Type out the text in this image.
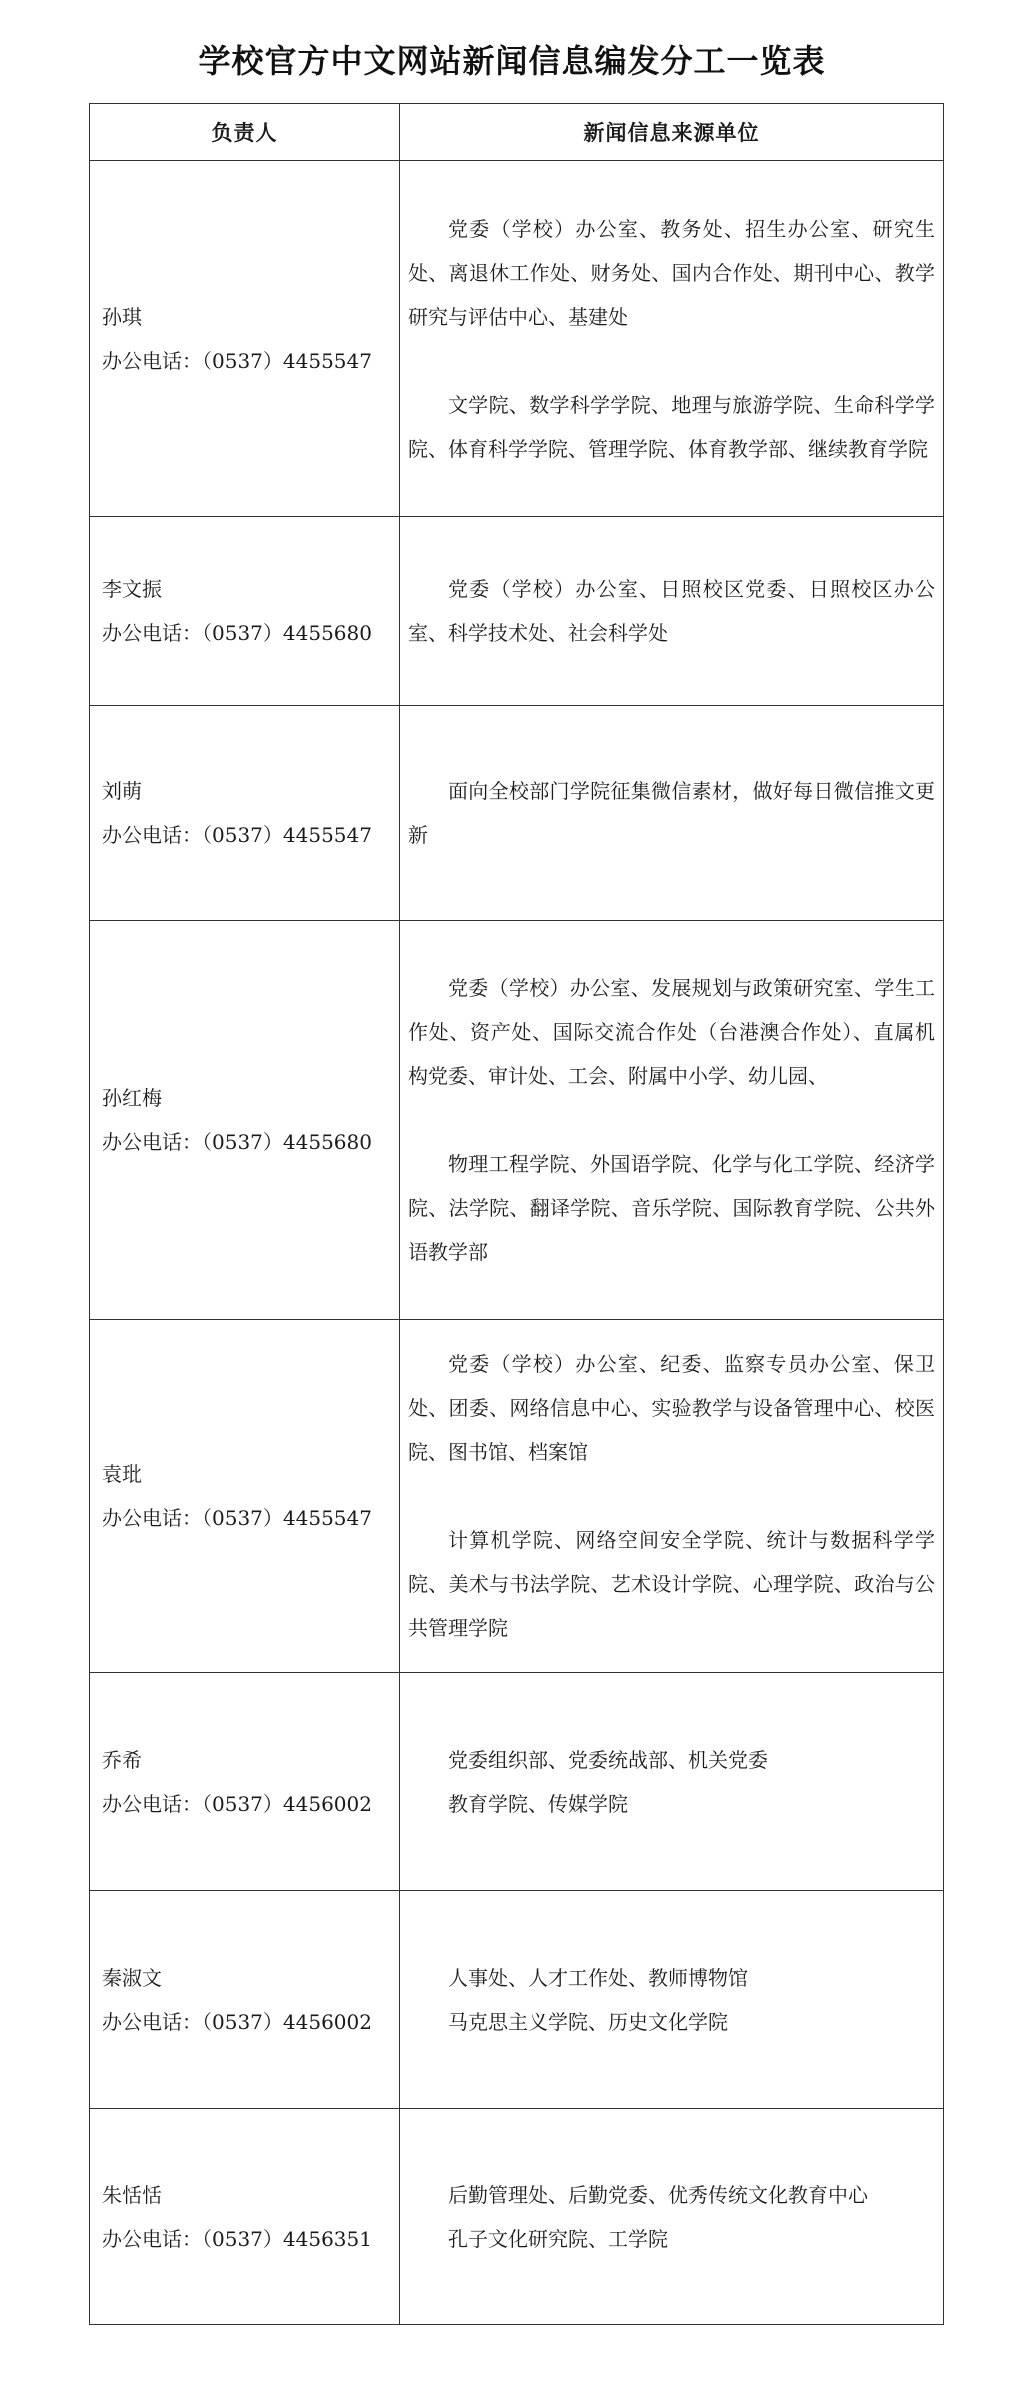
学校官方中文网站新闻信息编发分工一览表
负责人	新闻信息来源单位

孙琪
办公电话：（0537）4455547	党委（学校）办公室、教务处、招生办公室、研究生处、离退休工作处、财务处、国内合作处、期刊中心、教学研究与评估中心、基建处
文学院、数学科学学院、地理与旅游学院、生命科学学院、体育科学学院、管理学院、体育教学部、继续教育学院

李文振
办公电话：（0537）4455680	党委（学校）办公室、日照校区党委、日照校区办公室、科学技术处、社会科学处

刘萌
办公电话：（0537）4455547	面向全校部门学院征集微信素材，做好每日微信推文更新

孙红梅
办公电话：（0537）4455680	党委（学校）办公室、发展规划与政策研究室、学生工作处、资产处、国际交流合作处（台港澳合作处）、直属机构党委、审计处、工会、附属中小学、幼儿园、
物理工程学院、外国语学院、化学与化工学院、经济学院、法学院、翻译学院、音乐学院、国际教育学院、公共外语教学部

袁玭
办公电话：（0537）4455547	党委（学校）办公室、纪委、监察专员办公室、保卫处、团委、网络信息中心、实验教学与设备管理中心、校医院、图书馆、档案馆
计算机学院、网络空间安全学院、统计与数据科学学院、美术与书法学院、艺术设计学院、心理学院、政治与公共管理学院

乔希
办公电话：（0537）4456002	党委组织部、党委统战部、机关党委
教育学院、传媒学院

秦淑文
办公电话：（0537）4456002	人事处、人才工作处、教师博物馆
马克思主义学院、历史文化学院

朱恬恬
办公电话：（0537）4456351	后勤管理处、后勤党委、优秀传统文化教育中心
孔子文化研究院、工学院
